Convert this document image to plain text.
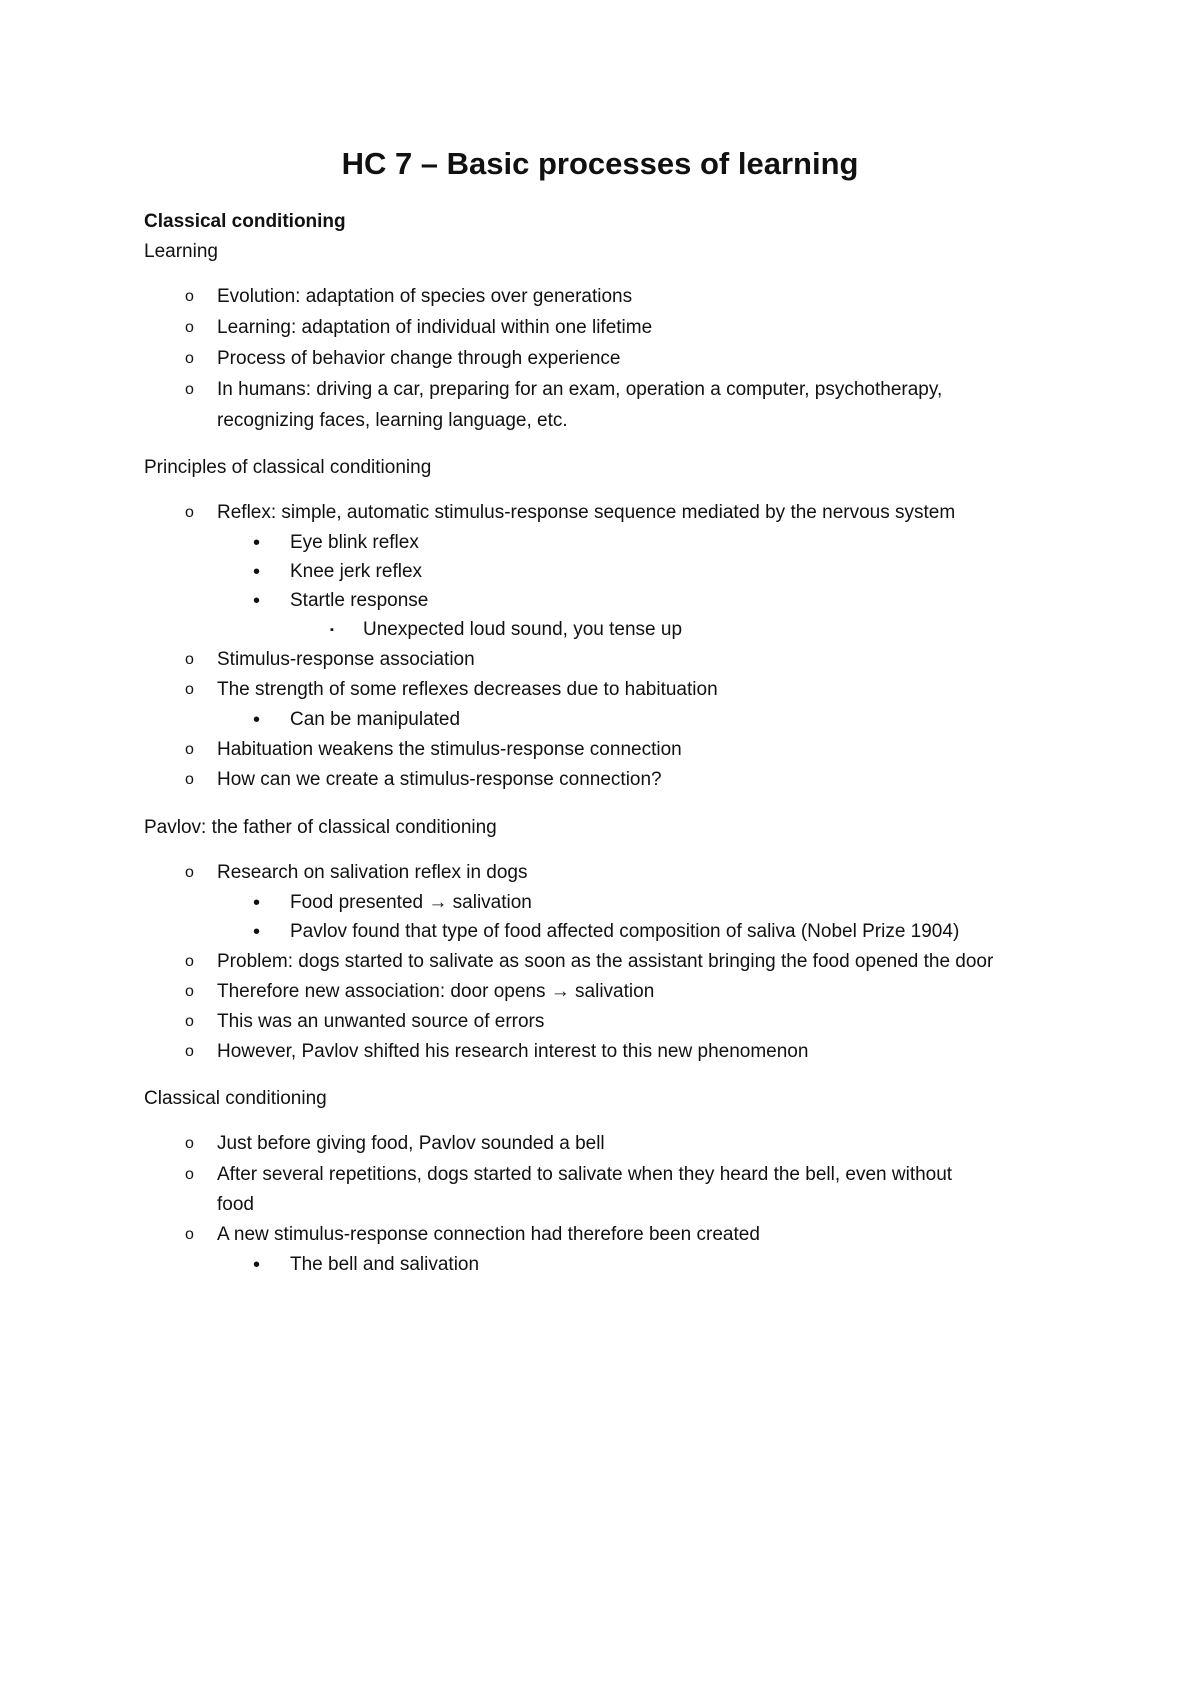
HC 7 – Basic processes of learning

Classical conditioning

Learning

o Evolution: adaptation of species over generations

o Learning: adaptation of individual within one lifetime

o Process of behavior change through experience

o In humans: driving a car, preparing for an exam, operation a computer, psychotherapy,

recognizing faces, learning language, etc.

Principles of classical conditioning

o Reflex: simple, automatic stimulus-response sequence mediated by the nervous system

• Eye blink reflex

• Knee jerk reflex

• Startle response

▪ Unexpected loud sound, you tense up

o Stimulus-response association

o The strength of some reflexes decreases due to habituation

• Can be manipulated

o Habituation weakens the stimulus-response connection

o How can we create a stimulus-response connection?

Pavlov: the father of classical conditioning

o Research on salivation reflex in dogs

• Food presented → salivation

• Pavlov found that type of food affected composition of saliva (Nobel Prize 1904)

o Problem: dogs started to salivate as soon as the assistant bringing the food opened the door

o Therefore new association: door opens → salivation

o This was an unwanted source of errors

o However, Pavlov shifted his research interest to this new phenomenon

Classical conditioning

o Just before giving food, Pavlov sounded a bell

o After several repetitions, dogs started to salivate when they heard the bell, even without

food

o A new stimulus-response connection had therefore been created

• The bell and salivation
